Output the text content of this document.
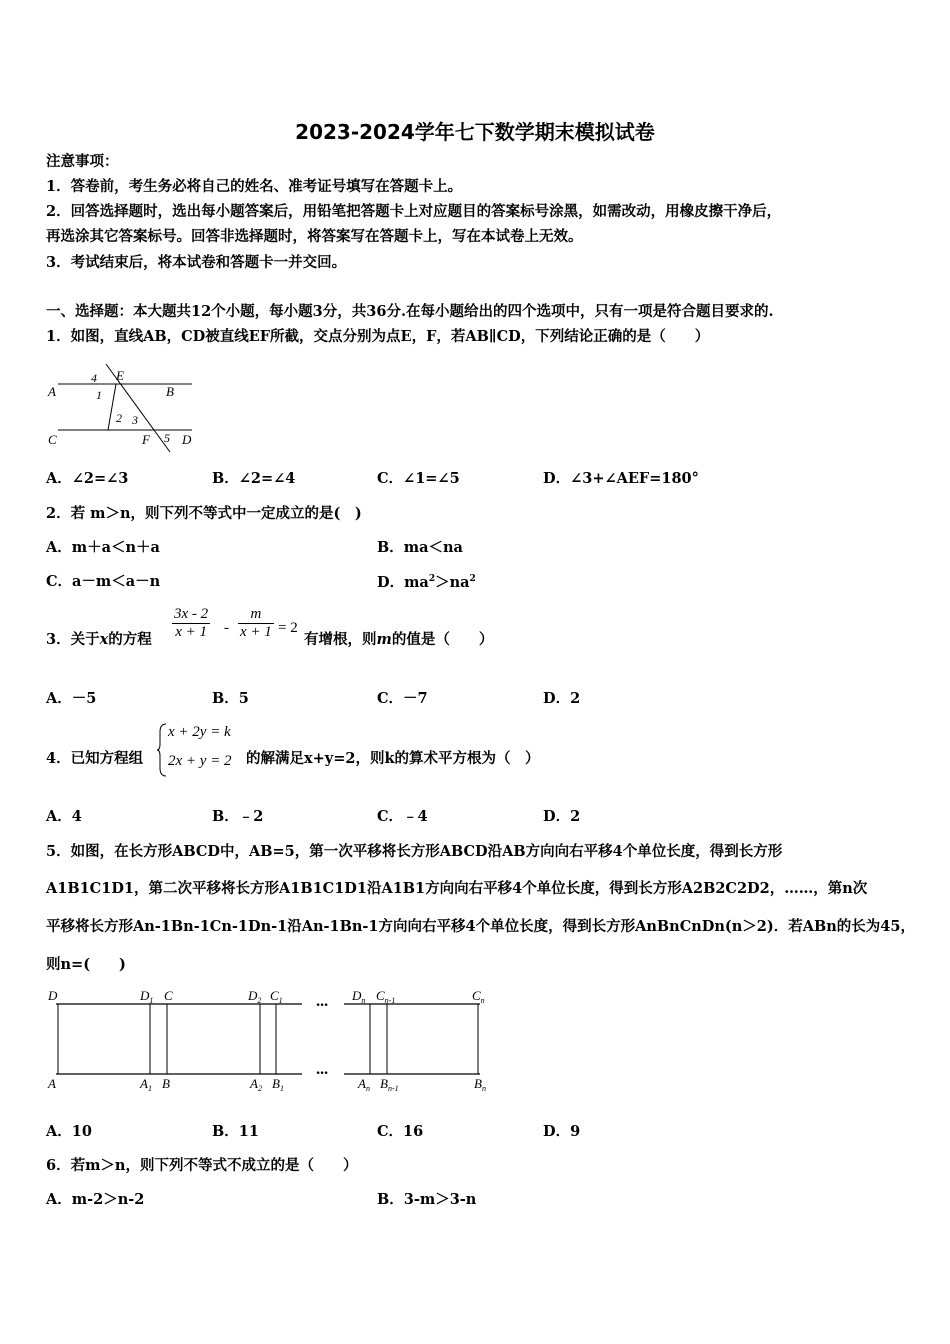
2023-2024学年七下数学期末模拟试卷
注意事项：
1．答卷前，考生务必将自己的姓名、准考证号填写在答题卡上。
2．回答选择题时，选出每小题答案后，用铅笔把答题卡上对应题目的答案标号涂黑，如需改动，用橡皮擦干净后，
再选涂其它答案标号。回答非选择题时，将答案写在答题卡上，写在本试卷上无效。
3．考试结束后，将本试卷和答题卡一并交回。
一、选择题：本大题共12个小题，每小题3分，共36分.在每小题给出的四个选项中，只有一项是符合题目要求的.
1．如图，直线AB，CD被直线EF所截，交点分别为点E，F，若AB∥CD，下列结论正确的是（　　）
A	B
C	D
E
F
1
2 3
4
5
A．∠2=∠3	B．∠2=∠4	C．∠1=∠5	D．∠3+∠AEF=180°
2．若 m＞n，则下列不等式中一定成立的是(　)
A．m＋a＜n＋a	B．ma＜na
C．a－m＜a－n	D．$ma^2>na^2$
3．关于x的方程 $\frac{3x - 2}{x + 1} - \frac{m}{x + 1} = 2$
有增根，则m的值是（　　）
A．－5	B．5	C．－7	D．2
4．已知方程组
x + 2y = k
2x + y = 2 的解满足x+y=2，则k的算术平方根为（　）
A．4	B．﹣2	C．﹣4	D．2
5．如图，在长方形ABCD中，AB=5，第一次平移将长方形ABCD沿AB方向向右平移4个单位长度，得到长方形
A1B1C1D1，第二次平移将长方形A1B1C1D1沿A1B1方向向右平移4个单位长度，得到长方形A2B2C2D2，……，第n次
平移将长方形An-1Bn-1Cn-1Dn-1沿An-1Bn-1方向向右平移4个单位长度，得到长方形AnBnCnDn(n＞2)．若ABn的长为45，
则n=(　　)
···
···
D	$D_1$ C	$D_2$ $C_1$	$D_n$ $C_{n-1}$	$C_n$
A	$A_1$ B	$A_2$ $B_1$	$A_n$ $B_{n-1}$	$B_n$
A．10	B．11	C．16	D．9
6．若m＞n，则下列不等式不成立的是（　　）
A．m-2＞n-2	B．3-m＞3-n
